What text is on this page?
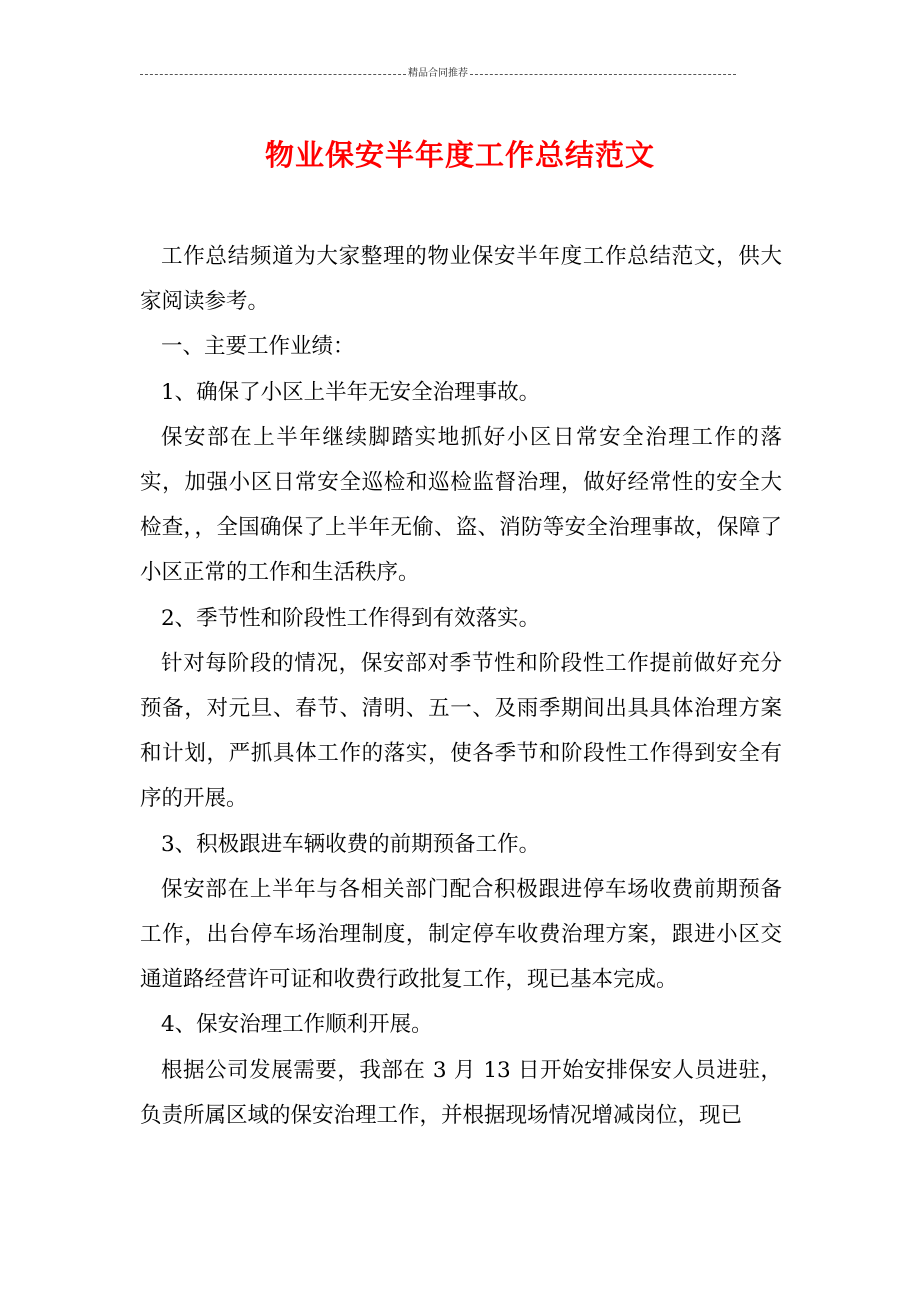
精品合同推荐
物业保安半年度工作总结范文

工作总结频道为大家整理的物业保安半年度工作总结范文，供大家阅读参考。

一、主要工作业绩：

1、确保了小区上半年无安全治理事故。

保安部在上半年继续脚踏实地抓好小区日常安全治理工作的落实，加强小区日常安全巡检和巡检监督治理，做好经常性的安全大检查，，全国确保了上半年无偷、盗、消防等安全治理事故，保障了小区正常的工作和生活秩序。

2、季节性和阶段性工作得到有效落实。

针对每阶段的情况，保安部对季节性和阶段性工作提前做好充分预备，对元旦、春节、清明、五一、及雨季期间出具具体治理方案和计划，严抓具体工作的落实，使各季节和阶段性工作得到安全有序的开展。

3、积极跟进车辆收费的前期预备工作。

保安部在上半年与各相关部门配合积极跟进停车场收费前期预备工作，出台停车场治理制度，制定停车收费治理方案，跟进小区交通道路经营许可证和收费行政批复工作，现已基本完成。

4、保安治理工作顺利开展。

根据公司发展需要，我部在 3 月 13 日开始安排保安人员进驻，负责所属区域的保安治理工作，并根据现场情况增减岗位，现已
